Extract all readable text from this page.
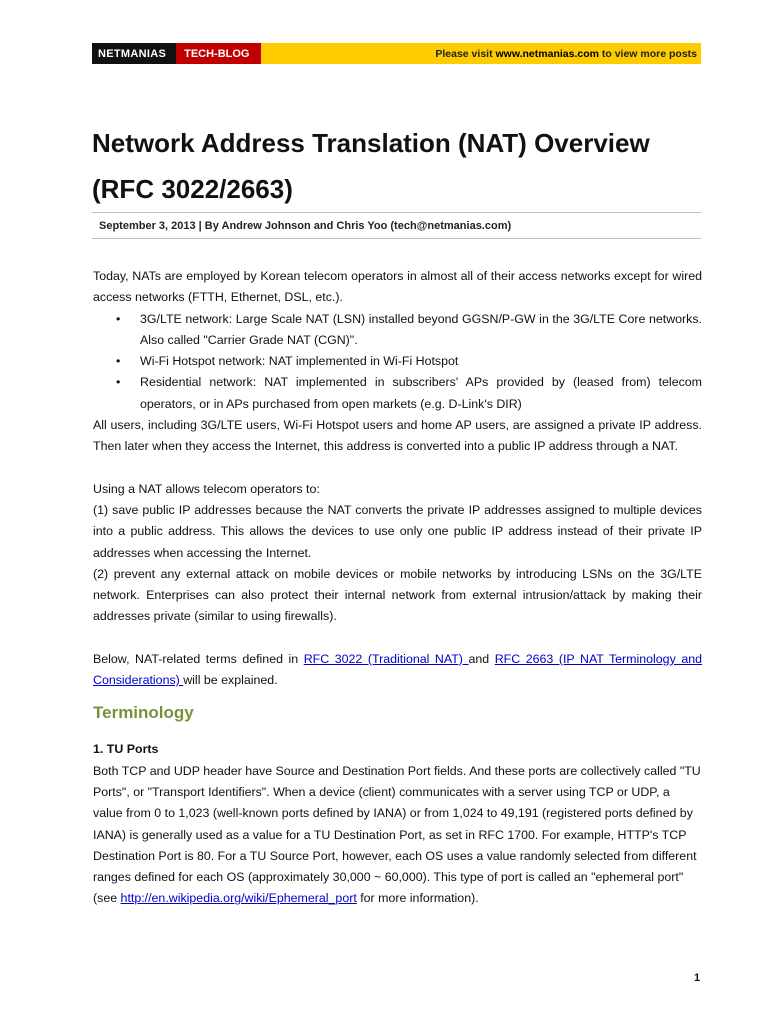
NETMANIAS	TECH-BLOG	Please visit www.netmanias.com to view more posts
Network Address Translation (NAT) Overview (RFC 3022/2663)
September 3, 2013 | By Andrew Johnson and Chris Yoo (tech@netmanias.com)

Today, NATs are employed by Korean telecom operators in almost all of their access networks except for wired access networks (FTTH, Ethernet, DSL, etc.).

• 3G/LTE network: Large Scale NAT (LSN) installed beyond GGSN/P-GW in the 3G/LTE Core networks. Also called "Carrier Grade NAT (CGN)".
• Wi-Fi Hotspot network: NAT implemented in Wi-Fi Hotspot
• Residential network: NAT implemented in subscribers' APs provided by (leased from) telecom operators, or in APs purchased from open markets (e.g. D-Link's DIR)

All users, including 3G/LTE users, Wi-Fi Hotspot users and home AP users, are assigned a private IP address. Then later when they access the Internet, this address is converted into a public IP address through a NAT.

Using a NAT allows telecom operators to:

(1) save public IP addresses because the NAT converts the private IP addresses assigned to multiple devices into a public address. This allows the devices to use only one public IP address instead of their private IP addresses when accessing the Internet.

(2) prevent any external attack on mobile devices or mobile networks by introducing LSNs on the 3G/LTE network. Enterprises can also protect their internal network from external intrusion/attack by making their addresses private (similar to using firewalls).

Below, NAT-related terms defined in RFC 3022 (Traditional NAT) and RFC 2663 (IP NAT Terminology and Considerations) will be explained.

Terminology

1. TU Ports

Both TCP and UDP header have Source and Destination Port fields. And these ports are collectively called "TU Ports", or "Transport Identifiers". When a device (client) communicates with a server using TCP or UDP, a value from 0 to 1,023 (well-known ports defined by IANA) or from 1,024 to 49,191 (registered ports defined by IANA) is generally used as a value for a TU Destination Port, as set in RFC 1700. For example, HTTP's TCP Destination Port is 80. For a TU Source Port, however, each OS uses a value randomly selected from different ranges defined for each OS (approximately 30,000 ~ 60,000). This type of port is called an "ephemeral port" (see http://en.wikipedia.org/wiki/Ephemeral_port for more information).

1
